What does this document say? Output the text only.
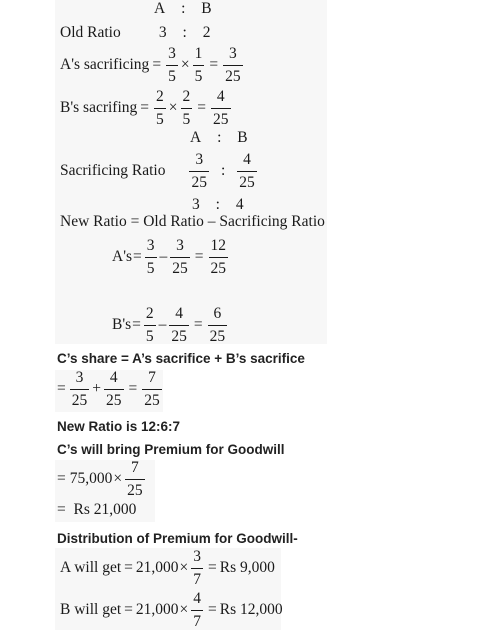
A : B
Old Ratio 3 : 2
A's sacrificing = $\frac{3}{5} \times \frac{1}{5} = \frac{3}{25}$
B's sacrifing = $\frac{2}{5} \times \frac{2}{5} = \frac{4}{25}$
A : B
Sacrificing Ratio $\frac{3}{25}$ : $\frac{4}{25}$
3 : 4
New Ratio = Old Ratio – Sacrificing Ratio
$A's = \frac{3}{5} - \frac{3}{25} = \frac{12}{25}$
$B's = \frac{2}{5} - \frac{4}{25} = \frac{6}{25}$
C’s share = A’s sacrifice + B’s sacrifice
= $\frac{3}{25} + \frac{4}{25} = \frac{7}{25}$
New Ratio is 12:6:7
C’s will bring Premium for Goodwill
= $75,000 \times \frac{7}{25}$
=  Rs 21,000
Distribution of Premium for Goodwill-
A will get = $21,000 \times \frac{3}{7} = Rs$ 9,000
B will get = $21,000 \times \frac{4}{7} = Rs$ 12,000
